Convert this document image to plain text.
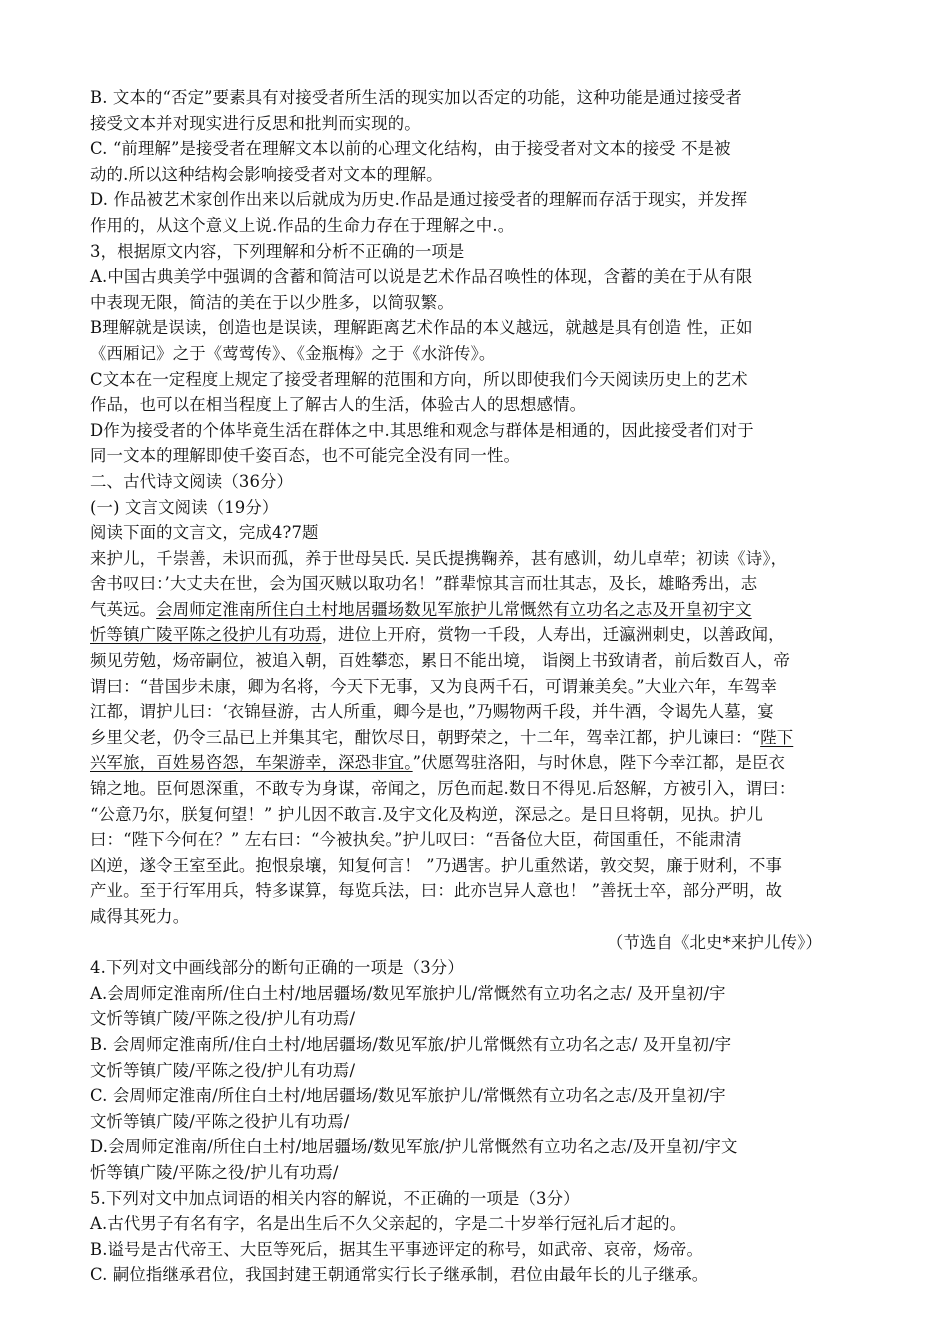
B. 文本的“否定”要素具有对接受者所生活的现实加以否定的功能，这种功能是通过接受者
接受文本并对现实进行反思和批判而实现的。
C. “前理解”是接受者在理解文本以前的心理文化结构，由于接受者对文本的接受 不是被
动的.所以这种结构会影响接受者对文本的理解。
D. 作品被艺术家创作出来以后就成为历史.作品是通过接受者的理解而存活于现实，并发挥
作用的，从这个意义上说.作品的生命力存在于理解之中.。
3，根据原文内容，下列理解和分析不正确的一项是
A.中国古典美学中强调的含蓄和简洁可以说是艺术作品召唤性的体现，含蓄的美在于从有限
中表现无限，简洁的美在于以少胜多，以简驭繁。
B理解就是误读，创造也是误读，理解距离艺术作品的本义越远，就越是具有创造 性，正如
《西厢记》之于《莺莺传》、《金瓶梅》之于《水浒传》。
C文本在一定程度上规定了接受者理解的范围和方向，所以即使我们今天阅读历史上的艺术
作品，也可以在相当程度上了解古人的生活，体验古人的思想感情。
D作为接受者的个体毕竟生活在群体之中.其思维和观念与群体是相通的，因此接受者们对于
同一文本的理解即使千姿百态，也不可能完全没有同一性。
二、古代诗文阅读（36分）
(一) 文言文阅读（19分）
阅读下面的文言文，完成4?7题
来护儿，千崇善，未识而孤，养于世母吴氏. 吴氏提携鞠养，甚有感训，幼儿卓荦；初读《诗》，
舍书叹曰：’大丈夫在世，会为国灭贼以取功名！”群辈惊其言而壮其志，及长，雄略秀出，志
气英远。会周师定淮南所住白土村地居疆场数见军旅护儿常慨然有立功名之志及开皇初宇文
忻等镇广陵平陈之役护儿有功焉，进位上开府，赏物一千段，人寿出，迁瀛洲刺史，以善政闻，
频见劳勉，炀帝嗣位，被追入朝，百姓攀恋，累日不能出境， 诣阕上书致请者，前后数百人，帝
谓曰：“昔国步未康，卿为名将，今天下无事，又为良两千石，可谓兼美矣。”大业六年，车驾幸
江都，谓护儿曰：‘衣锦昼游，古人所重，卿今是也，”乃赐物两千段，并牛酒，令谒先人墓，宴
乡里父老，仍令三品已上并集其宅，酣饮尽日，朝野荣之，十二年，驾幸江都，护儿谏曰：“陛下
兴军旅，百姓易咨怨，车架游幸，深恐非宜。”伏愿驾驻洛阳，与时休息，陛下今幸江都，是臣衣
锦之地。臣何恩深重，不敢专为身谋，帝闻之，厉色而起.数日不得见.后怒解，方被引入，谓曰：
“公意乃尔，朕复何望！” 护儿因不敢言.及宇文化及构逆，深忌之。是日旦将朝，见执。护儿
曰：“陛下今何在？” 左右曰：“今被执矣。”护儿叹曰：“吾备位大臣，荷国重任，不能肃清
凶逆，遂令王室至此。抱恨泉壤，知复何言！ ”乃遇害。护儿重然诺，敦交契，廉于财利，不事
产业。至于行军用兵，特多谋算，每览兵法，曰：此亦岂异人意也！ ”善抚士卒，部分严明，故
咸得其死力。
（节选自《北史*来护儿传》）
4.下列对文中画线部分的断句正确的一项是（3分）
A.会周师定淮南所/住白土村/地居疆场/数见军旅护儿/常慨然有立功名之志/ 及开皇初/宇
文忻等镇广陵/平陈之役/护儿有功焉/
B. 会周师定淮南所/住白土村/地居疆场/数见军旅/护儿常慨然有立功名之志/ 及开皇初/宇
文忻等镇广陵/平陈之役/护儿有功焉/
C. 会周师定淮南/所住白土村/地居疆场/数见军旅护儿/常慨然有立功名之志/及开皇初/宇
文忻等镇广陵/平陈之役护儿有功焉/
D.会周师定淮南/所住白土村/地居疆场/数见军旅/护儿常慨然有立功名之志/及开皇初/宇文
忻等镇广陵/平陈之役/护儿有功焉/
5.下列对文中加点词语的相关内容的解说，不正确的一项是（3分）
A.古代男子有名有字，名是出生后不久父亲起的，字是二十岁举行冠礼后才起的。
B.谥号是古代帝王、大臣等死后，据其生平事迹评定的称号，如武帝、哀帝，炀帝。
C. 嗣位指继承君位，我国封建王朝通常实行长子继承制，君位由最年长的儿子继承。
